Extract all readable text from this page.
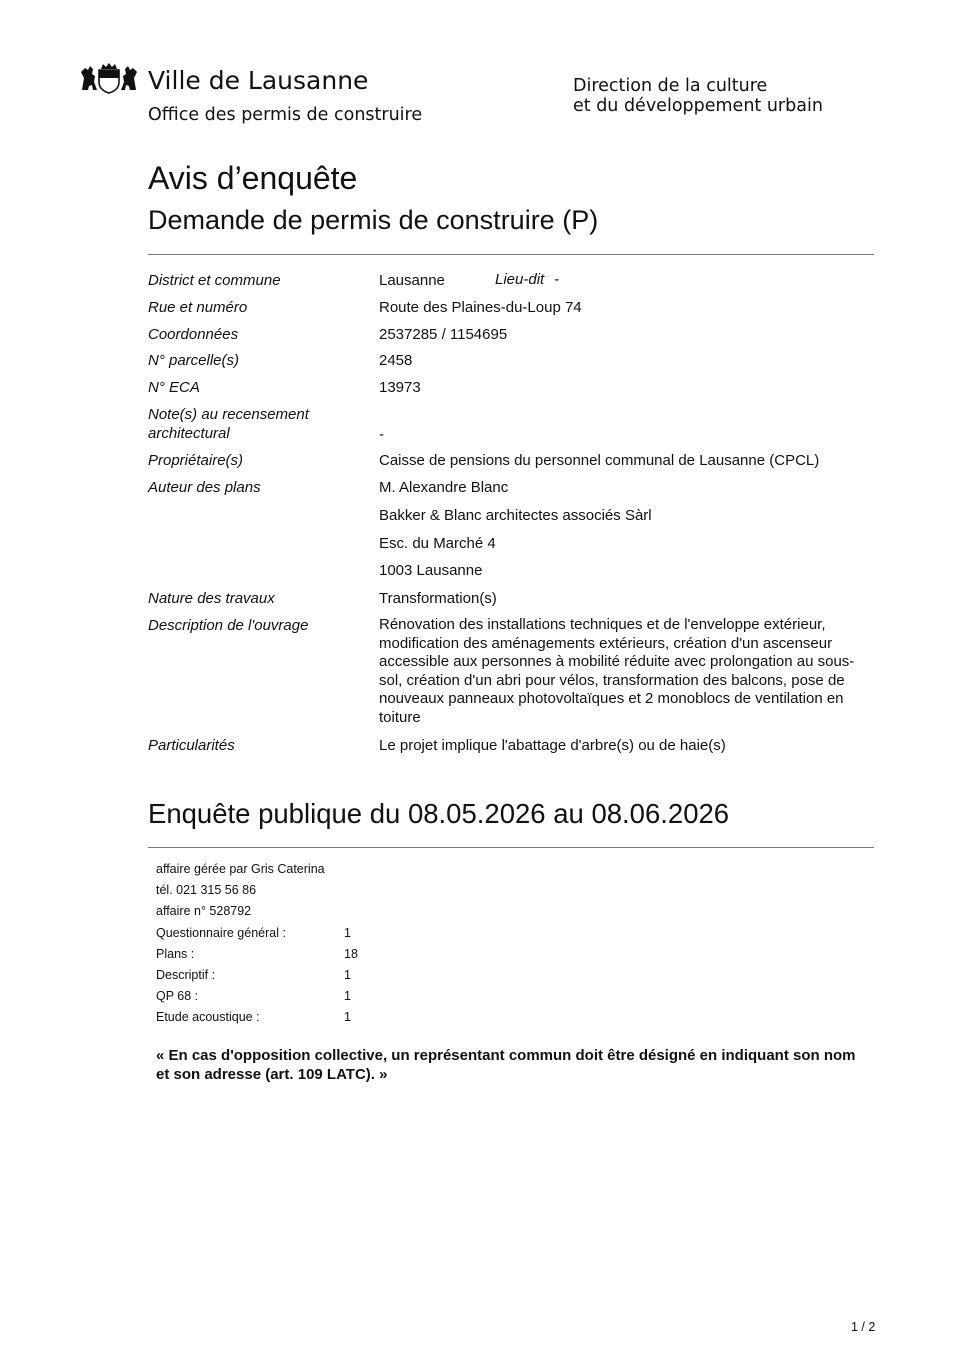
Ville de Lausanne
Office des permis de construire
Direction de la culture
et du développement urbain
Avis d’enquête
Demande de permis de construire (P)
District et commune	Lausanne	Lieu-dit -
Rue et numéro	Route des Plaines-du-Loup 74
Coordonnées	2537285 / 1154695
N° parcelle(s)	2458
N° ECA	13973
Note(s) au recensement architectural	-
Propriétaire(s)	Caisse de pensions du personnel communal de Lausanne (CPCL)
Auteur des plans	M. Alexandre Blanc
Bakker & Blanc architectes associés Sàrl
Esc. du Marché 4
1003 Lausanne
Nature des travaux	Transformation(s)
Description de l'ouvrage	Rénovation des installations techniques et de l'enveloppe extérieur, modification des aménagements extérieurs, création d'un ascenseur accessible aux personnes à mobilité réduite avec prolongation au sous-sol, création d'un abri pour vélos, transformation des balcons, pose de nouveaux panneaux photovoltaïques et 2 monoblocs de ventilation en toiture
Particularités	Le projet implique l'abattage d'arbre(s) ou de haie(s)
Enquête publique du 08.05.2026 au 08.06.2026
affaire gérée par Gris Caterina
tél. 021 315 56 86
affaire n° 528792
Questionnaire général :	1
Plans :	18
Descriptif :	1
QP 68 :	1
Etude acoustique :	1
« En cas d'opposition collective, un représentant commun doit être désigné en indiquant son nom et son adresse (art. 109 LATC). »
1 / 2
